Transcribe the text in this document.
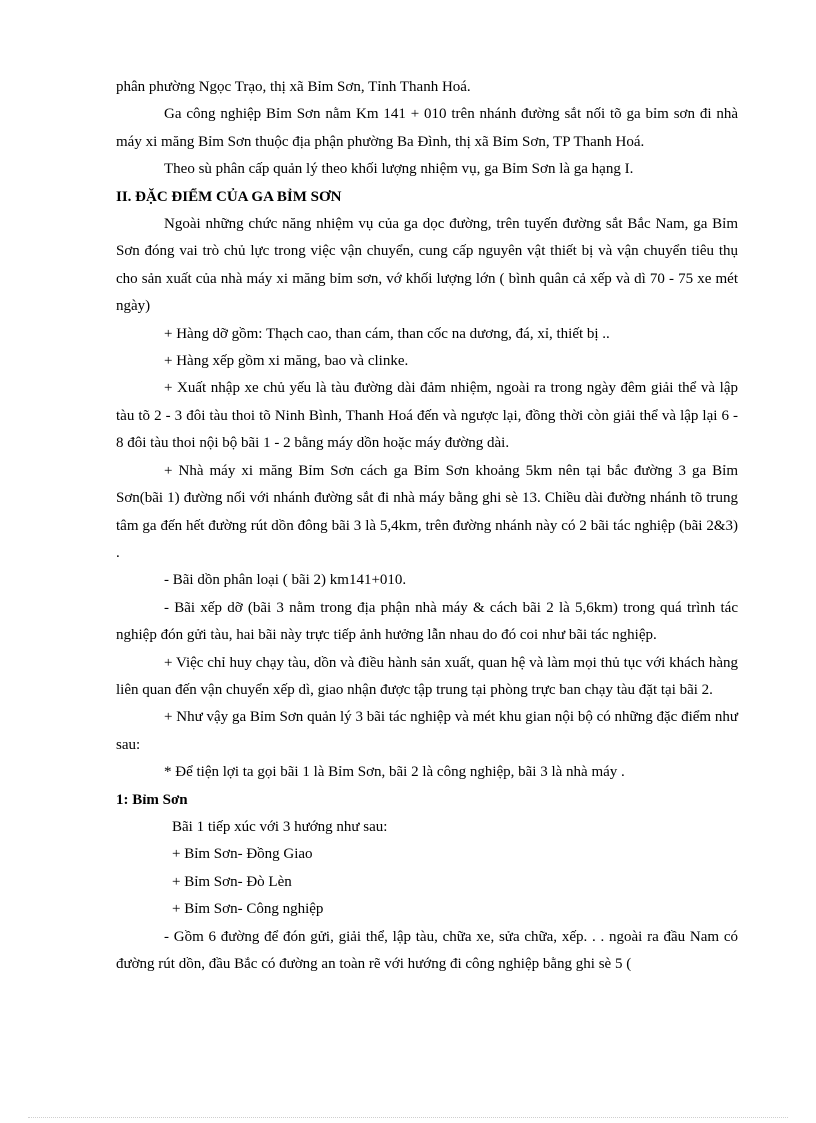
phân phường Ngọc Trạo, thị xã Bỉm Sơn, Tỉnh Thanh Hoá.

Ga công nghiệp Bỉm Sơn nằm Km 141 + 010 trên nhánh đường sắt nối tõ ga bỉm sơn đi nhà máy xi măng Bỉm Sơn thuộc địa phận phường Ba Đình, thị xã Bỉm Sơn, TP Thanh Hoá.

Theo sù phân cấp quản lý theo khối lượng nhiệm vụ, ga Bỉm Sơn là ga hạng I.

II. ĐẶC ĐIỂM CỦA GA BỈM SƠN

Ngoài những chức năng nhiệm vụ của ga dọc đường, trên tuyến đường sắt Bắc Nam, ga Bỉm Sơn đóng vai trò chủ lực trong việc vận chuyển, cung cấp nguyên vật thiết bị và vận chuyển tiêu thụ cho sản xuất của nhà máy xi măng bỉm sơn, vớ khối lượng lớn ( bình quân cả xếp và dì 70 - 75 xe mét ngày)

+ Hàng dỡ gồm: Thạch cao, than cám, than cốc na dương, đá, xỉ, thiết bị ..

+ Hàng xếp gồm xi măng, bao và clinke.

+ Xuất nhập xe chủ yếu là tàu đường dài đảm nhiệm, ngoài ra trong ngày đêm giải thể và lập tàu tõ 2 - 3 đôi tàu thoi tõ Ninh Bình, Thanh Hoá đến và ngược lại, đồng thời còn giải thể và lập lại 6 - 8 đôi tàu thoi nội bộ bãi 1 - 2 bằng máy dồn hoặc máy đường dài.

+ Nhà máy xi măng Bỉm Sơn cách ga Bỉm Sơn khoảng 5km nên tại bắc đường 3 ga Bỉm Sơn(bãi 1) đường nối với nhánh đường sắt đi nhà máy bằng ghi sè 13. Chiều dài đường nhánh tõ trung tâm ga đến hết đường rút dồn đông bãi 3 là 5,4km, trên đường nhánh này có 2 bãi tác nghiệp (bãi 2&3) .

- Bãi dồn phân loại ( bãi 2) km141+010.

- Bãi xếp dỡ (bãi 3 nằm trong địa phận nhà máy & cách bãi 2 là 5,6km) trong quá trình tác nghiệp đón gửi tàu, hai bãi này trực tiếp ảnh hưởng lẫn nhau do đó coi như bãi tác nghiệp.

+ Việc chỉ huy chạy tàu, dồn và điều hành sản xuất, quan hệ và làm mọi thủ tục với khách hàng liên quan đến vận chuyển xếp dì, giao nhận được tập trung tại phòng trực ban chạy tàu đặt tại bãi 2.

+ Như vậy ga Bỉm Sơn quản lý 3 bãi tác nghiệp và mét khu gian nội bộ có những đặc điểm như sau:

* Để tiện lợi ta gọi bãi 1 là Bỉm Sơn, bãi 2 là công nghiệp, bãi 3 là nhà máy .

1: Bỉm Sơn

Bãi 1 tiếp xúc với 3 hướng như sau:

+ Bỉm Sơn- Đồng Giao

+ Bỉm Sơn- Đò Lèn

+ Bỉm Sơn- Công nghiệp

- Gồm 6 đường để đón gửi, giải thể, lập tàu, chữa xe, sửa chữa, xếp. . . ngoài ra đầu Nam có đường rút dồn, đầu Bắc có đường an toàn rẽ với hướng đi công nghiệp bằng ghi sè 5 (
